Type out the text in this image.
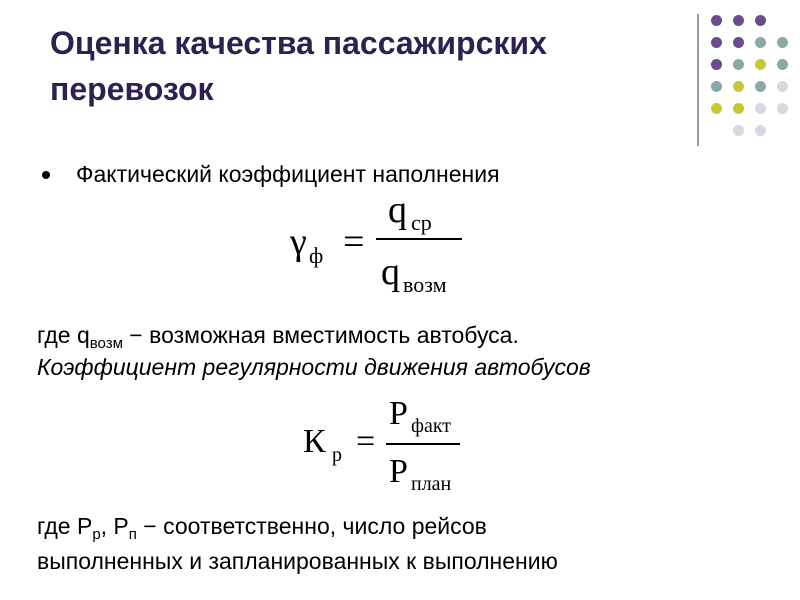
Оценка качества пассажирских перевозок
Фактический коэффициент наполнения
γ ф =
q ср
q возм
где $q_{возм}$ − возможная вместимость автобуса.
Коэффициент регулярности движения автобусов
К р =
Р факт
Р план
где $Р_р$, $Р_п$ − соответственно, число рейсов
выполненных и запланированных к выполнению
